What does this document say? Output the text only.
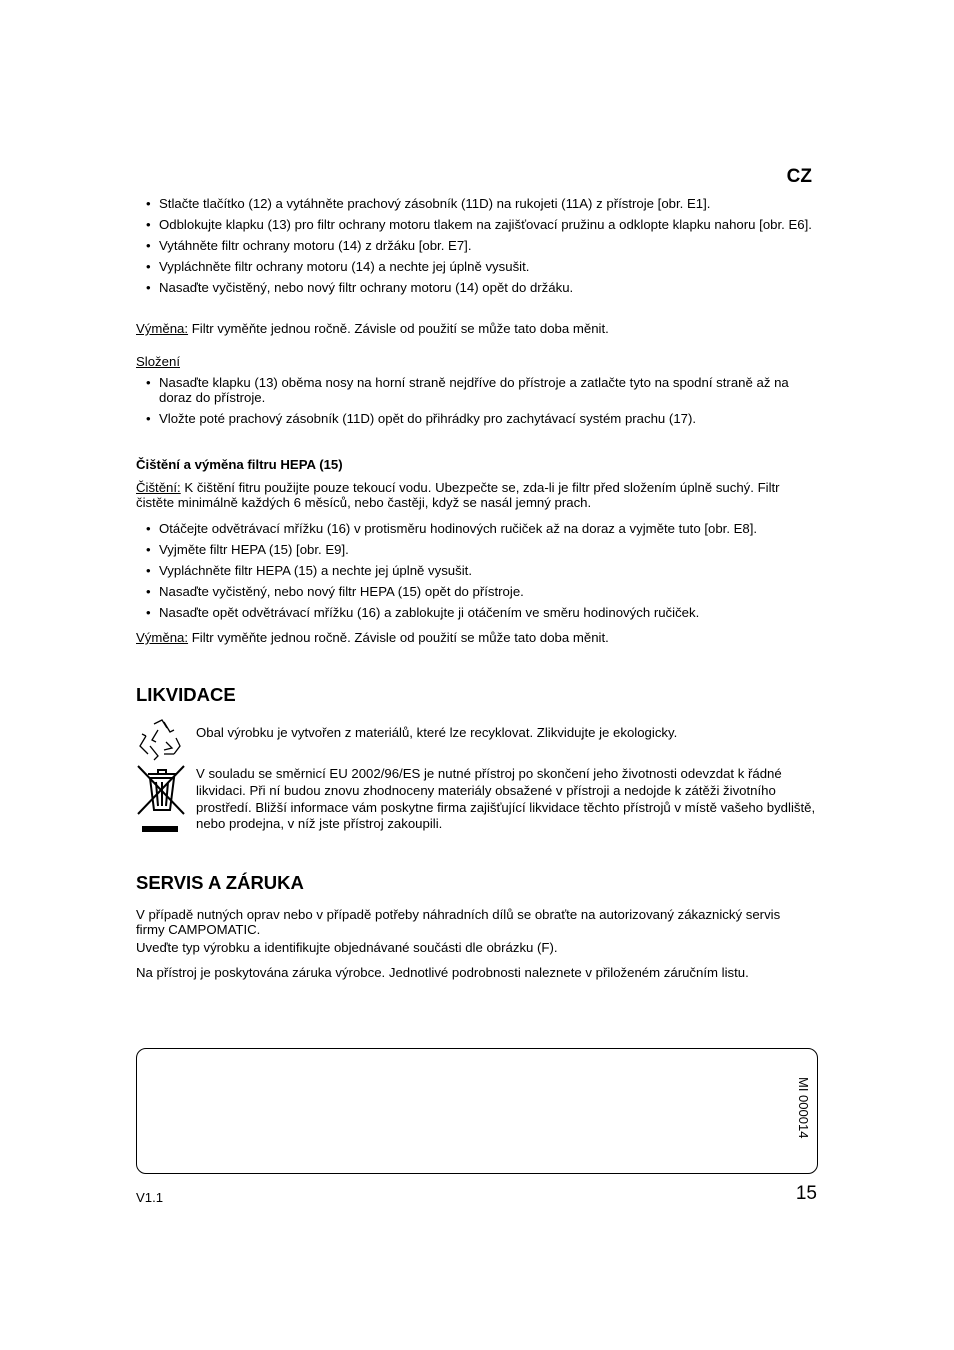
CZ
• Stlačte tlačítko (12) a vytáhněte prachový zásobník (11D) na rukojeti (11A) z přístroje [obr. E1].
• Odblokujte klapku (13) pro filtr ochrany motoru tlakem na zajišťovací pružinu a odklopte klapku nahoru [obr. E6].
• Vytáhněte filtr ochrany motoru (14) z držáku [obr. E7].
• Vypláchněte filtr ochrany motoru (14) a nechte jej úplně vysušit.
• Nasaďte vyčistěný, nebo nový filtr ochrany motoru (14) opět do držáku.
Výměna: Filtr vyměňte jednou ročně. Závisle od použití se může tato doba měnit.
Složení
• Nasaďte klapku (13) oběma nosy na horní straně nejdříve do přístroje a zatlačte tyto na spodní straně až na doraz do přístroje.
• Vložte poté prachový zásobník (11D) opět do přihrádky pro zachytávací systém prachu (17).
Čištění a výměna filtru HEPA (15)
Čištění: K čištění fitru použijte pouze tekoucí vodu. Ubezpečte se, zda-li je filtr před složením úplně suchý. Filtr čistěte minimálně každých 6 měsíců, nebo častěji, když se nasál jemný prach.
• Otáčejte odvětrávací mřížku (16) v protisměru hodinových ručiček až na doraz a vyjměte tuto [obr. E8].
• Vyjměte filtr HEPA (15) [obr. E9].
• Vypláchněte filtr HEPA (15) a nechte jej úplně vysušit.
• Nasaďte vyčistěný, nebo nový filtr HEPA (15) opět do přístroje.
• Nasaďte opět odvětrávací mřížku (16) a zablokujte ji otáčením ve směru hodinových ručiček.
Výměna: Filtr vyměňte jednou ročně. Závisle od použití se může tato doba měnit.
LIKVIDACE
Obal výrobku je vytvořen z materiálů, které lze recyklovat. Zlikvidujte je ekologicky.
V souladu se směrnicí EU 2002/96/ES je nutné přístroj po skončení jeho životnosti odevzdat k řádné likvidaci. Při ní budou znovu zhodnoceny materiály obsažené v přístroji a nedojde k zátěži životního prostředí. Bližší informace vám poskytne firma zajišťující likvidace těchto přístrojů v místě vašeho bydliště, nebo prodejna, v níž jste přístroj zakoupili.
SERVIS A ZÁRUKA
V případě nutných oprav nebo v případě potřeby náhradních dílů se obraťte na autorizovaný zákaznický servis firmy CAMPOMATIC.
Uveďte typ výrobku a identifikujte objednávané součásti dle obrázku (F).
Na přístroj je poskytována záruka výrobce. Jednotlivé podrobnosti naleznete v přiloženém záručním listu.
MI 000014
V1.1	15
